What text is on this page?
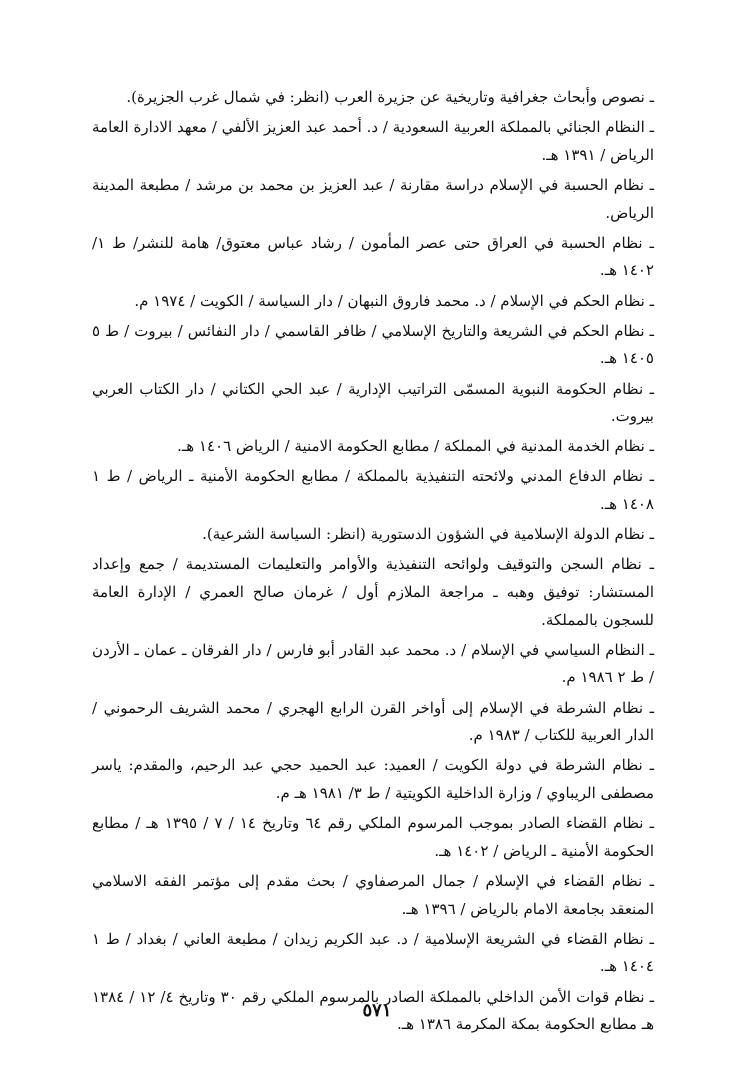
ـ نصوص وأبحاث جغرافية وتاريخية عن جزيرة العرب (انظر: في شمال غرب الجزيرة).

ـ النظام الجنائي بالمملكة العربية السعودية / د. أحمد عبد العزيز الألفي / معهد الادارة العامة الرياض / ١٣٩١ هـ.

ـ نظام الحسبة في الإسلام دراسة مقارنة / عبد العزيز بن محمد بن مرشد / مطبعة المدينة الرياض.

ـ نظام الحسبة في العراق حتى عصر المأمون / رشاد عباس معتوق/ هامة للنشر/ ط ١/ ١٤٠٢ هـ.

ـ نظام الحكم في الإسلام / د. محمد فاروق النبهان / دار السياسة / الكويت / ١٩٧٤ م.

ـ نظام الحكم في الشريعة والتاريخ الإسلامي / ظافر القاسمي / دار النفائس / بيروت / ط ٥ ١٤٠٥ هـ.

ـ نظام الحكومة النبوية المسمّى التراتيب الإدارية / عبد الحي الكتاني / دار الكتاب العربي بيروت.

ـ نظام الخدمة المدنية في المملكة / مطابع الحكومة الامنية / الرياض ١٤٠٦ هـ.

ـ نظام الدفاع المدني ولائحته التنفيذية بالمملكة / مطابع الحكومة الأمنية ـ الرياض / ط ١ ١٤٠٨ هـ.

ـ نظام الدولة الإسلامية في الشؤون الدستورية (انظر: السياسة الشرعية).

ـ نظام السجن والتوقيف ولوائحه التنفيذية والأوامر والتعليمات المستديمة / جمع وإعداد المستشار: توفيق وهبه ـ مراجعة الملازم أول / غرمان صالح العمري / الإدارة العامة للسجون بالمملكة.

ـ النظام السياسي في الإسلام / د. محمد عبد القادر أبو فارس / دار الفرقان ـ عمان ـ الأردن / ط ٢ ١٩٨٦ م.

ـ نظام الشرطة في الإسلام إلى أواخر القرن الرابع الهجري / محمد الشريف الرحموني / الدار العربية للكتاب / ١٩٨٣ م.

ـ نظام الشرطة في دولة الكويت / العميد: عبد الحميد حجي عبد الرحيم، والمقدم: ياسر مصطفى الريباوي / وزارة الداخلية الكويتية / ط ٣/ ١٩٨١ هـ م.

ـ نظام القضاء الصادر بموجب المرسوم الملكي رقم ٦٤ وتاريخ ١٤ / ٧ / ١٣٩٥ هـ / مطابع الحكومة الأمنية ـ الرياض / ١٤٠٢ هـ.

ـ نظام القضاء في الإسلام / جمال المرصفاوي / بحث مقدم إلى مؤتمر الفقه الاسلامي المنعقد بجامعة الامام بالرياض / ١٣٩٦ هـ.

ـ نظام القضاء في الشريعة الإسلامية / د. عبد الكريم زيدان / مطبعة العاني / بغداد / ط ١ ١٤٠٤ هـ.

ـ نظام قوات الأمن الداخلي بالمملكة الصادر بالمرسوم الملكي رقم ٣٠ وتاريخ ٤/ ١٢ / ١٣٨٤ هـ مطابع الحكومة بمكة المكرمة ١٣٨٦ هـ.

٥٧١
